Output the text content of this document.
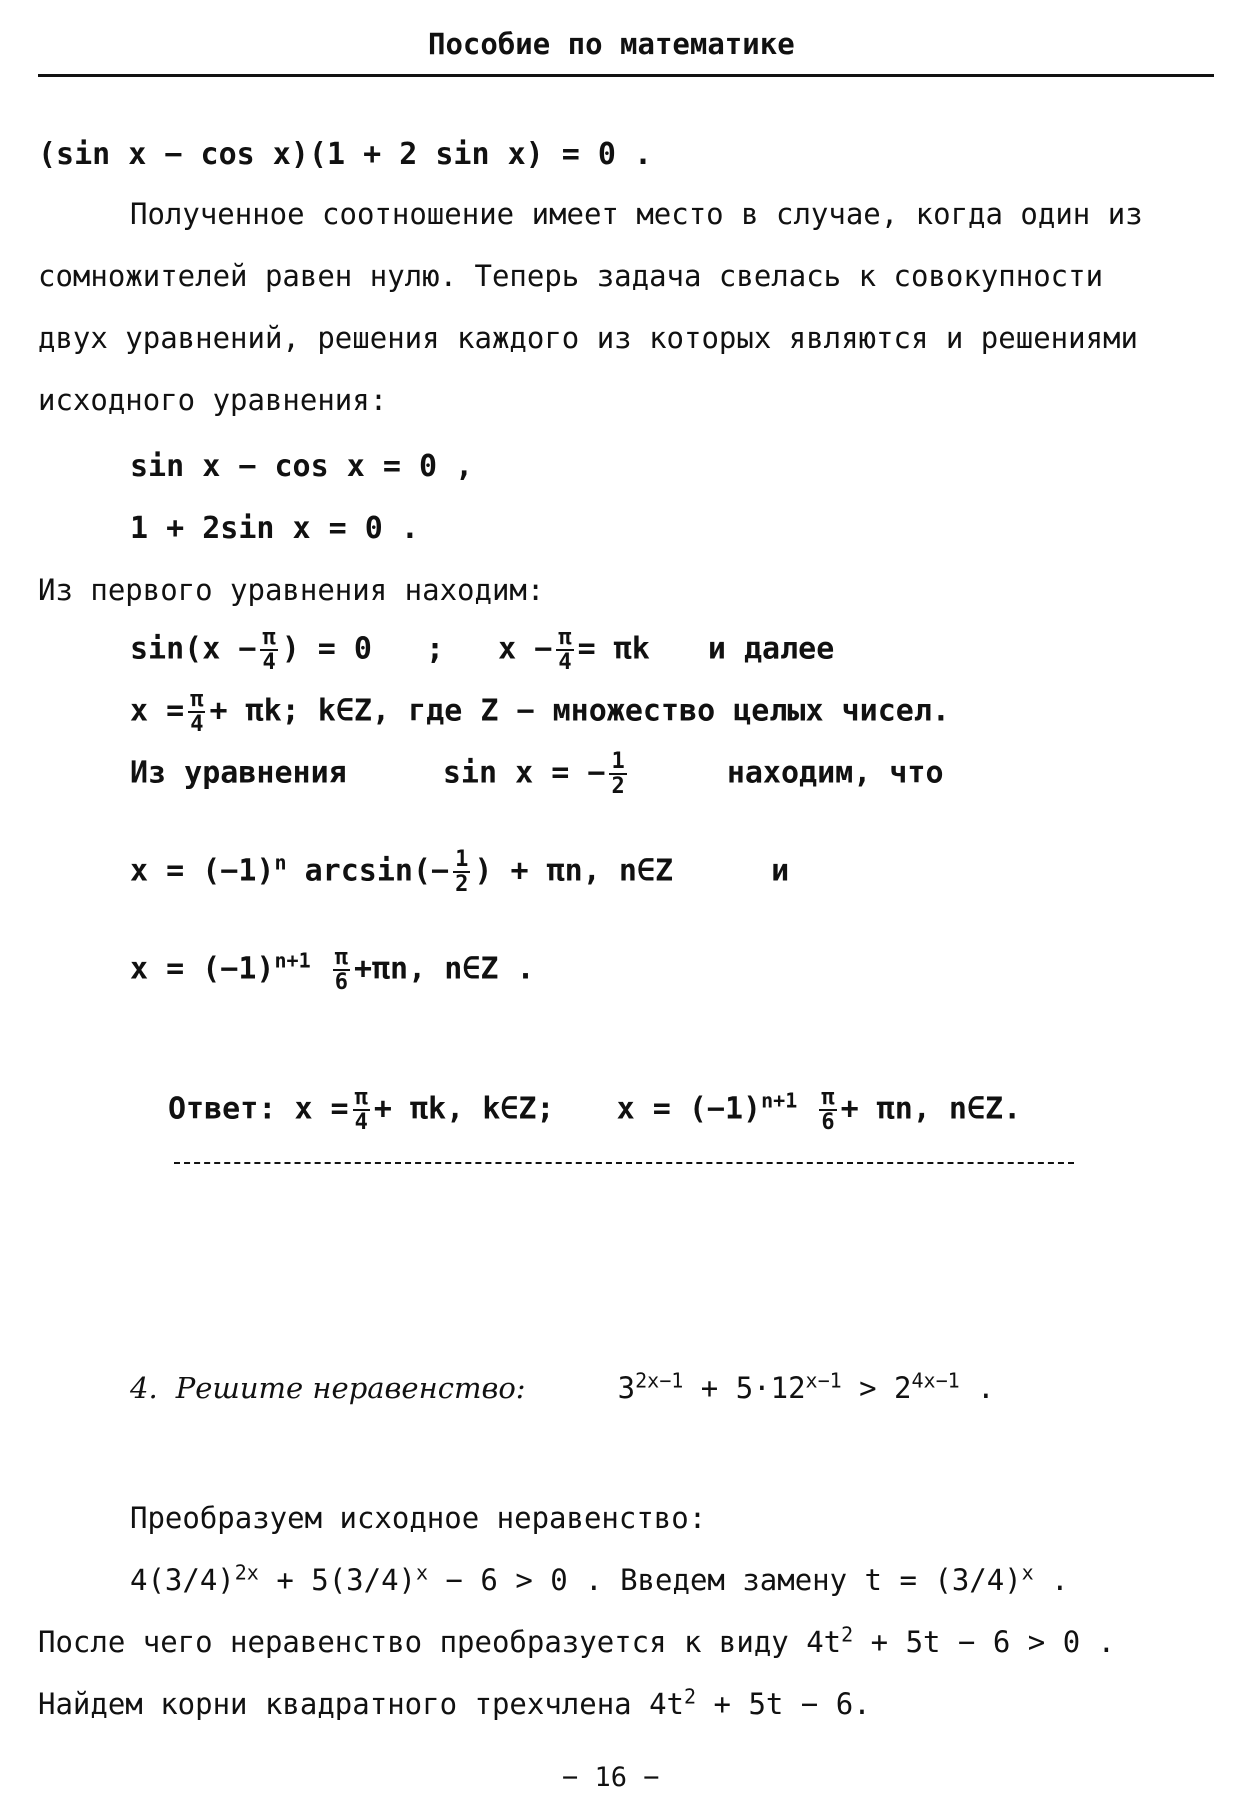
Пособие по математике
(sin x − cos x)(1 + 2 sin x) = 0 .
Полученное соотношение имеет место в случае, когда один из
сомножителей равен нулю. Теперь задача свелась к совокупности
двух уравнений, решения каждого из которых являются и решениями
исходного уравнения:
sin x − cos x = 0 ,
1 + 2sin x = 0 .
Из первого уравнения находим:
$\sin(x - \frac{\pi}{4}$ ) = 0 ; $x - \frac{\pi}{4} = \pi k$ и далее
$x = \frac{\pi}{4} + \pi k$; k∈Z, где Z − множество целых чисел.
Из уравнения	sin x = − $\frac{1}{2}$	находим, что
$x = (-1)^n$ $\arcsin(- \frac{1}{2}$ ) + πn, n∈Z	и
$x = (-1)^{n+1} \frac{\pi}{6} +\pi n$, n∈Z .
Ответ: $x = \frac{\pi}{4} + \pi k$, k∈Z; $x = (-1)^{n+1} \frac{\pi}{6} + \pi n$, n∈Z.
4. Решите неравенство:	$3^{2x-1} + 5\cdot 12^{x-1} > 2^{4x-1}$ .
Преобразуем исходное неравенство:
$4(3/4)^{2x} + 5(3/4)^x - 6 > 0$ . Введем замену $t = (3/4)^x$ .
После чего неравенство преобразуется к виду $4t^2 + 5t - 6 > 0$ .
Найдем корни квадратного трехчлена $4t^2 + 5t - 6$.
− 16 −
